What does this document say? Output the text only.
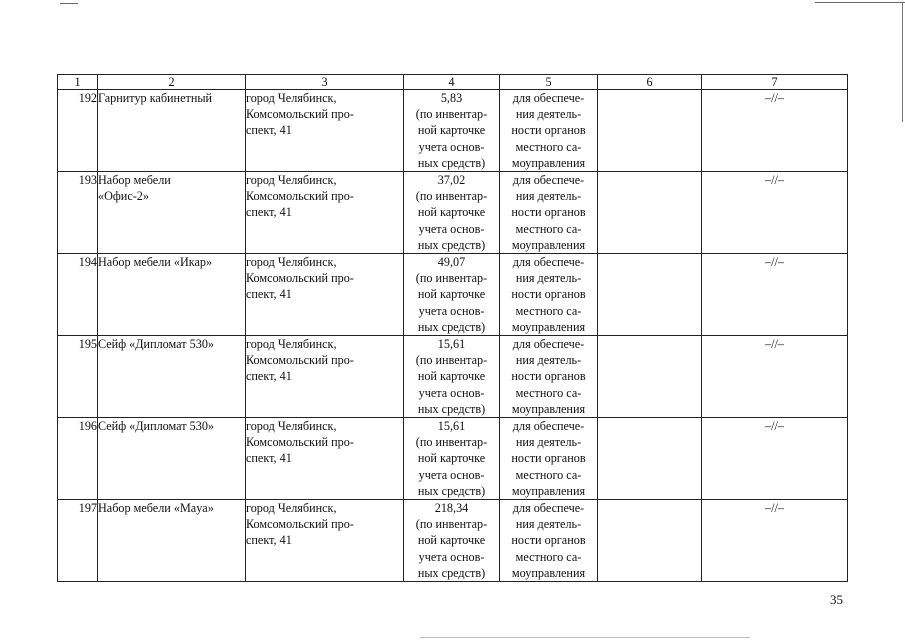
1	2	3	4	5	6	7
192	Гарнитур кабинетный	город Челябинск,
Комсомольский про-
спект, 41	5,83
(по инвентар-
ной карточке
учета основ-
ных средств)	для обеспече-
ния деятель-
ности органов
местного са-
моуправления		–//–
193	Набор мебели
«Офис-2»	город Челябинск,
Комсомольский про-
спект, 41	37,02
(по инвентар-
ной карточке
учета основ-
ных средств)	для обеспече-
ния деятель-
ности органов
местного са-
моуправления		–//–
194	Набор мебели «Икар»	город Челябинск,
Комсомольский про-
спект, 41	49,07
(по инвентар-
ной карточке
учета основ-
ных средств)	для обеспече-
ния деятель-
ности органов
местного са-
моуправления		–//–
195	Сейф «Дипломат 530»	город Челябинск,
Комсомольский про-
спект, 41	15,61
(по инвентар-
ной карточке
учета основ-
ных средств)	для обеспече-
ния деятель-
ности органов
местного са-
моуправления		–//–
196	Сейф «Дипломат 530»	город Челябинск,
Комсомольский про-
спект, 41	15,61
(по инвентар-
ной карточке
учета основ-
ных средств)	для обеспече-
ния деятель-
ности органов
местного са-
моуправления		–//–
197	Набор мебели «Маya»	город Челябинск,
Комсомольский про-
спект, 41	218,34
(по инвентар-
ной карточке
учета основ-
ных средств)	для обеспече-
ния деятель-
ности органов
местного са-
моуправления		–//–
35
